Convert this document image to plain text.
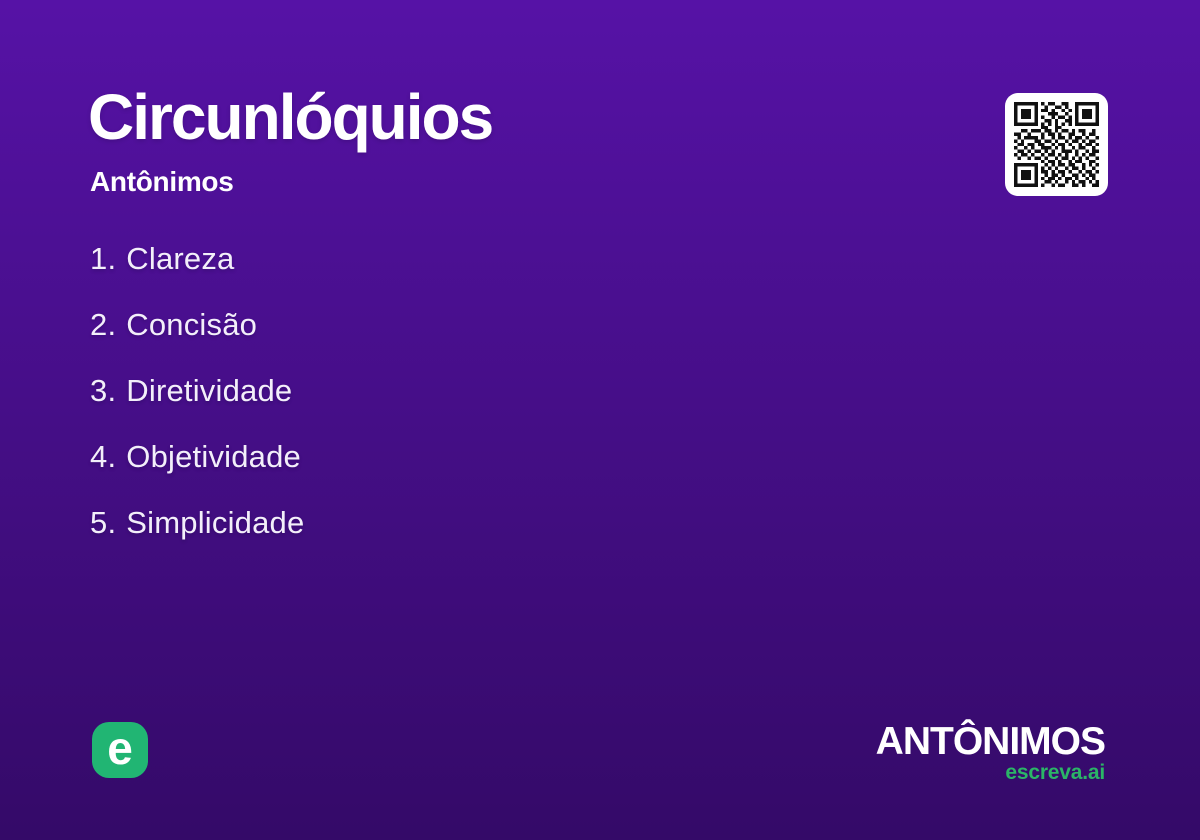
Circunlóquios
Antônimos
1. Clareza
2. Concisão
3. Diretividade
4. Objetividade
5. Simplicidade
e	ANTÔNIMOS
escreva.ai
